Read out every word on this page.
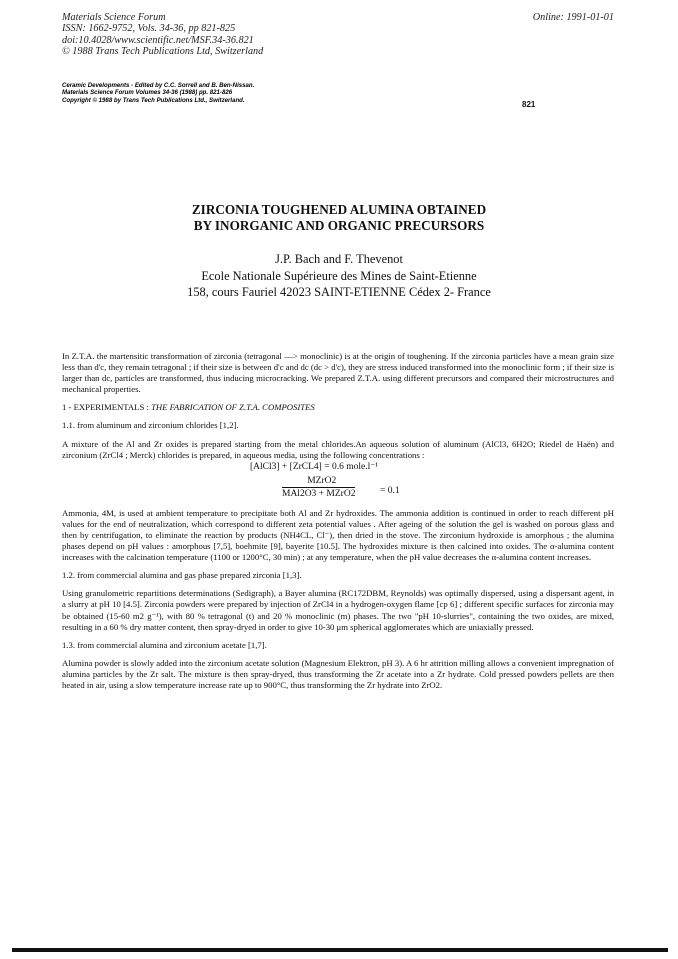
Materials Science Forum
ISSN: 1662-9752, Vols. 34-36, pp 821-825
doi:10.4028/www.scientific.net/MSF.34-36.821
© 1988 Trans Tech Publications Ltd, Switzerland
Online: 1991-01-01
Ceramic Developments - Edited by C.C. Sorrell and B. Ben-Nissan.
Materials Science Forum Volumes 34-36 (1988) pp. 821-826
Copyright © 1988 by Trans Tech Publications Ltd., Switzerland.	821
ZIRCONIA TOUGHENED ALUMINA OBTAINED
BY INORGANIC AND ORGANIC PRECURSORS
J.P. Bach and F. Thevenot
Ecole Nationale Supérieure des Mines de Saint-Etienne
158, cours Fauriel 42023 SAINT-ETIENNE Cédex 2- France

In Z.T.A. the martensitic transformation of zirconia (tetragonal —> monoclinic) is at the origin of toughening. If the zirconia particles have a mean grain size less than d'c, they remain tetragonal ; if their size is between d'c and dc (dc > d'c), they are stress induced transformed into the monoclinic form ; if their size is larger than dc, particles are transformed, thus inducing microcracking. We prepared Z.T.A. using different precursors and compared their microstructures and mechanical properties.

1 - EXPERIMENTALS : THE FABRICATION OF Z.T.A. COMPOSITES
1.1. from aluminum and zirconium chlorides [1,2].

A mixture of the Al and Zr oxides is prepared starting from the metal chlorides.An aqueous solution of aluminum (AlCl3, 6H2O; Riedel de Haën) and zirconium (ZrCl4 ; Merck) chlorides is prepared, in aqueous media, using the following concentrations :

[AlCl3] + [ZrCL4] = 0.6 mole.l⁻¹
MZrO2
MAl2O3 + MZrO2	= 0.1

Ammonia, 4M, is used at ambient temperature to precipitate both Al and Zr hydroxides. The ammonia addition is continued in order to reach different pH values for the end of neutralization, which correspond to different zeta potential values . After ageing of the solution the gel is washed on porous glass and then by centrifugation, to eliminate the reaction by products (NH4CL, Cl⁻), then dried in the stove. The zirconium hydroxide is amorphous ; the alumina phases depend on pH values : amorphous [7,5], boehmite [9], bayerite [10.5]. The hydroxides mixture is then calcined into oxides. The α-alumina content increases with the calcination temperature (1100 or 1200°C, 30 min) ; at any temperature, when the pH value decreases the α-alumina content increases.

1.2. from commercial alumina and gas phase prepared zirconia [1,3].

Using granulometric repartitions determinations (Sedigraph), a Bayer alumina (RC172DBM, Reynolds) was optimally dispersed, using a dispersant agent, in a slurry at pH 10 [4.5]. Zirconia powders were prepared by injection of ZrCl4 in a hydrogen-oxygen flame [cp 6] ; different specific surfaces for zirconia may be obtained (15-60 m2 g⁻¹), with 80 % tetragonal (t) and 20 % monoclinic (m) phases. The two "pH 10-slurries", containing the two oxides, are mixed, resulting in a 60 % dry matter content, then spray-dryed in order to give 10-30 μm spherical agglomerates which are uniaxially pressed.

1.3. from commercial alumina and zirconium acetate [1,7].

Alumina powder is slowly added into the zirconium acetate solution (Magnesium Elektron, pH 3). A 6 hr attrition milling allows a convenient impregnation of alumina particles by the Zr salt. The mixture is then spray-dryed, thus transforming the Zr acetate into a Zr hydrate. Cold pressed powders pellets are then heated in air, using a slow temperature increase rate up to 900°C, thus transforming the Zr hydrate into ZrO2.
